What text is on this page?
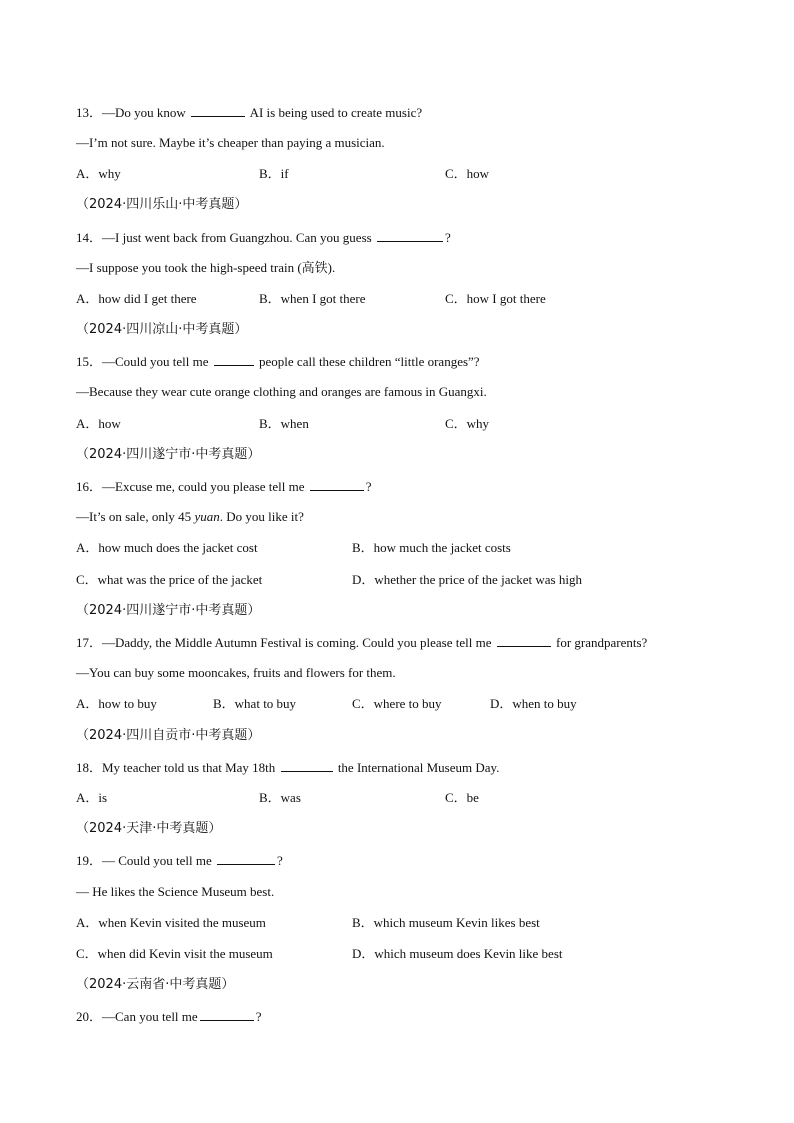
13．—Do you know	AI is being used to create music?
—I’m not sure. Maybe it’s cheaper than paying a musician.
A．why	B．if	C．how
（2024·四川乐山·中考真题）
14．—I just went back from Guangzhou. Can you guess	?
—I suppose you took the high-speed train (高铁).
A．how did I get there	B．when I got there	C．how I got there
（2024·四川凉山·中考真题）
15．—Could you tell me	people call these children “little oranges”?
—Because they wear cute orange clothing and oranges are famous in Guangxi.
A．how	B．when	C．why
（2024·四川遂宁市·中考真题）
16．—Excuse me, could you please tell me	?
—It’s on sale, only 45 yuan. Do you like it?
A．how much does the jacket cost	B．how much the jacket costs
C．what was the price of the jacket	D．whether the price of the jacket was high
（2024·四川遂宁市·中考真题）
17．—Daddy, the Middle Autumn Festival is coming. Could you please tell me	for grandparents?
—You can buy some mooncakes, fruits and flowers for them.
A．how to buy	B．what to buy	C．where to buy	D．when to buy
（2024·四川自贡市·中考真题）
18．My teacher told us that May 18th	the International Museum Day.
A．is	B．was	C．be
（2024·天津·中考真题）
19．— Could you tell me	?
— He likes the Science Museum best.
A．when Kevin visited the museum	B．which museum Kevin likes best
C．when did Kevin visit the museum	D．which museum does Kevin like best
（2024·云南省·中考真题）
20．—Can you tell me	?
